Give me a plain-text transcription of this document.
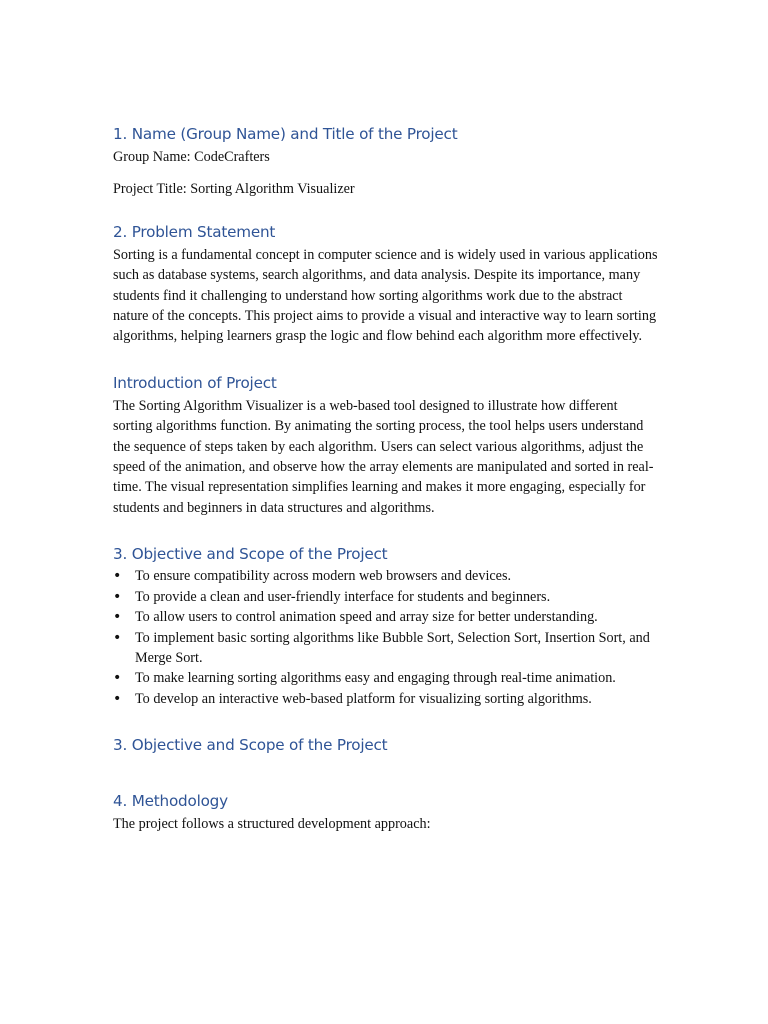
1. Name (Group Name) and Title of the Project

Group Name: CodeCrafters

Project Title: Sorting Algorithm Visualizer

2. Problem Statement

Sorting is a fundamental concept in computer science and is widely used in various applications such as database systems, search algorithms, and data analysis. Despite its importance, many students find it challenging to understand how sorting algorithms work due to the abstract nature of the concepts. This project aims to provide a visual and interactive way to learn sorting algorithms, helping learners grasp the logic and flow behind each algorithm more effectively.

Introduction of Project

The Sorting Algorithm Visualizer is a web-based tool designed to illustrate how different sorting algorithms function. By animating the sorting process, the tool helps users understand the sequence of steps taken by each algorithm. Users can select various algorithms, adjust the speed of the animation, and observe how the array elements are manipulated and sorted in real-time. The visual representation simplifies learning and makes it more engaging, especially for students and beginners in data structures and algorithms.

3. Objective and Scope of the Project
• To ensure compatibility across modern web browsers and devices.
• To provide a clean and user-friendly interface for students and beginners.
• To allow users to control animation speed and array size for better understanding.
• To implement basic sorting algorithms like Bubble Sort, Selection Sort, Insertion Sort, and Merge Sort.
• To make learning sorting algorithms easy and engaging through real-time animation.
• To develop an interactive web-based platform for visualizing sorting algorithms.
3. Objective and Scope of the Project
4. Methodology

The project follows a structured development approach:
